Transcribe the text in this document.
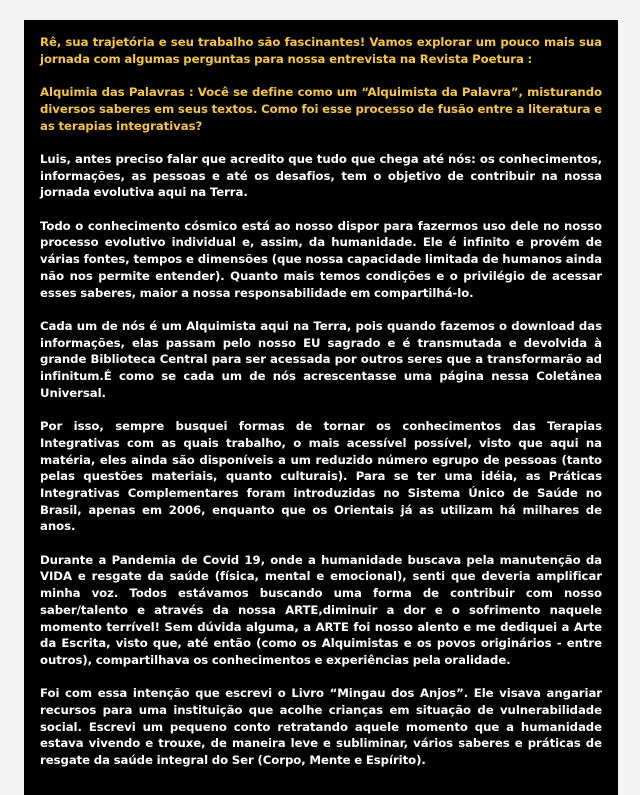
Rê, sua trajetória e seu trabalho são fascinantes! Vamos explorar um pouco mais sua jornada com algumas perguntas para nossa entrevista na Revista Poetura :

Alquimia das Palavras : Você se define como um “Alquimista da Palavra”, misturando diversos saberes em seus textos. Como foi esse processo de fusão entre a literatura e as terapias integrativas?

Luis, antes preciso falar que acredito que tudo que chega até nós: os conhecimentos, informações, as pessoas e até os desafios, tem o objetivo de contribuir na nossa jornada evolutiva aqui na Terra.

Todo o conhecimento cósmico está ao nosso dispor para fazermos uso dele no nosso processo evolutivo individual e, assim, da humanidade. Ele é infinito e provém de várias fontes, tempos e dimensões (que nossa capacidade limitada de humanos ainda não nos permite entender). Quanto mais temos condições e o privilégio de acessar esses saberes, maior a nossa responsabilidade em compartilhá-lo.

Cada um de nós é um Alquimista aqui na Terra, pois quando fazemos o download das informações, elas passam pelo nosso EU sagrado e é transmutada e devolvida à grande Biblioteca Central para ser acessada por outros seres que a transformarão ad infinitum.É como se cada um de nós acrescentasse uma página nessa Coletânea Universal.

Por isso, sempre busquei formas de tornar os conhecimentos das Terapias Integrativas com as quais trabalho, o mais acessível possível, visto que aqui na matéria, eles ainda são disponíveis a um reduzido número egrupo de pessoas (tanto pelas questões materiais, quanto culturais). Para se ter uma idéia, as Práticas Integrativas Complementares foram introduzidas no Sistema Único de Saúde no Brasil, apenas em 2006, enquanto que os Orientais já as utilizam há milhares de anos.

Durante a Pandemia de Covid 19, onde a humanidade buscava pela manutenção da VIDA e resgate da saúde (física, mental e emocional), senti que deveria amplificar minha voz. Todos estávamos buscando uma forma de contribuir com nosso saber/talento e através da nossa ARTE,diminuir a dor e o sofrimento naquele momento terrível! Sem dúvida alguma, a ARTE foi nosso alento e me dediquei a Arte da Escrita, visto que, até então (como os Alquimistas e os povos originários - entre outros), compartilhava os conhecimentos e experiências pela oralidade.

Foi com essa intenção que escrevi o Livro “Mingau dos Anjos”. Ele visava angariar recursos para uma instituição que acolhe crianças em situação de vulnerabilidade social. Escrevi um pequeno conto retratando aquele momento que a humanidade estava vivendo e trouxe, de maneira leve e subliminar, vários saberes e práticas de resgate da saúde integral do Ser (Corpo, Mente e Espírito).
